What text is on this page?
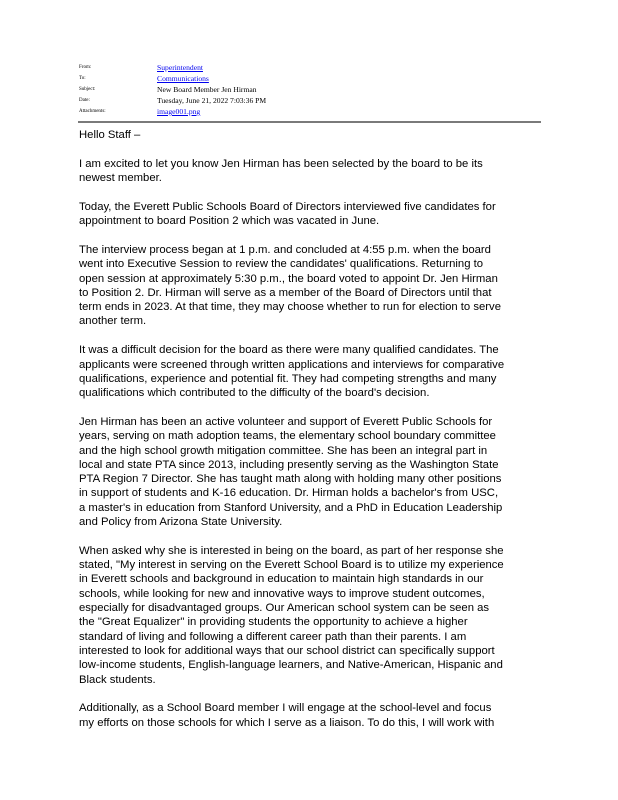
From:	Superintendent
To:	Communications
Subject:	New Board Member Jen Hirman
Date:	Tuesday, June 21, 2022 7:03:36 PM
Attachments:	image001.png

Hello Staff –

I am excited to let you know Jen Hirman has been selected by the board to be its
newest member.

Today, the Everett Public Schools Board of Directors interviewed five candidates for
appointment to board Position 2 which was vacated in June.

The interview process began at 1 p.m. and concluded at 4:55 p.m. when the board
went into Executive Session to review the candidates' qualifications. Returning to
open session at approximately 5:30 p.m., the board voted to appoint Dr. Jen Hirman
to Position 2. Dr. Hirman will serve as a member of the Board of Directors until that
term ends in 2023. At that time, they may choose whether to run for election to serve
another term.

It was a difficult decision for the board as there were many qualified candidates. The
applicants were screened through written applications and interviews for comparative
qualifications, experience and potential fit. They had competing strengths and many
qualifications which contributed to the difficulty of the board's decision.

Jen Hirman has been an active volunteer and support of Everett Public Schools for
years, serving on math adoption teams, the elementary school boundary committee
and the high school growth mitigation committee. She has been an integral part in
local and state PTA since 2013, including presently serving as the Washington State
PTA Region 7 Director. She has taught math along with holding many other positions
in support of students and K-16 education. Dr. Hirman holds a bachelor's from USC,
a master's in education from Stanford University, and a PhD in Education Leadership
and Policy from Arizona State University.

When asked why she is interested in being on the board, as part of her response she
stated, "My interest in serving on the Everett School Board is to utilize my experience
in Everett schools and background in education to maintain high standards in our
schools, while looking for new and innovative ways to improve student outcomes,
especially for disadvantaged groups. Our American school system can be seen as
the "Great Equalizer" in providing students the opportunity to achieve a higher
standard of living and following a different career path than their parents. I am
interested to look for additional ways that our school district can specifically support
low-income students, English-language learners, and Native-American, Hispanic and
Black students.

Additionally, as a School Board member I will engage at the school-level and focus
my efforts on those schools for which I serve as a liaison. To do this, I will work with
